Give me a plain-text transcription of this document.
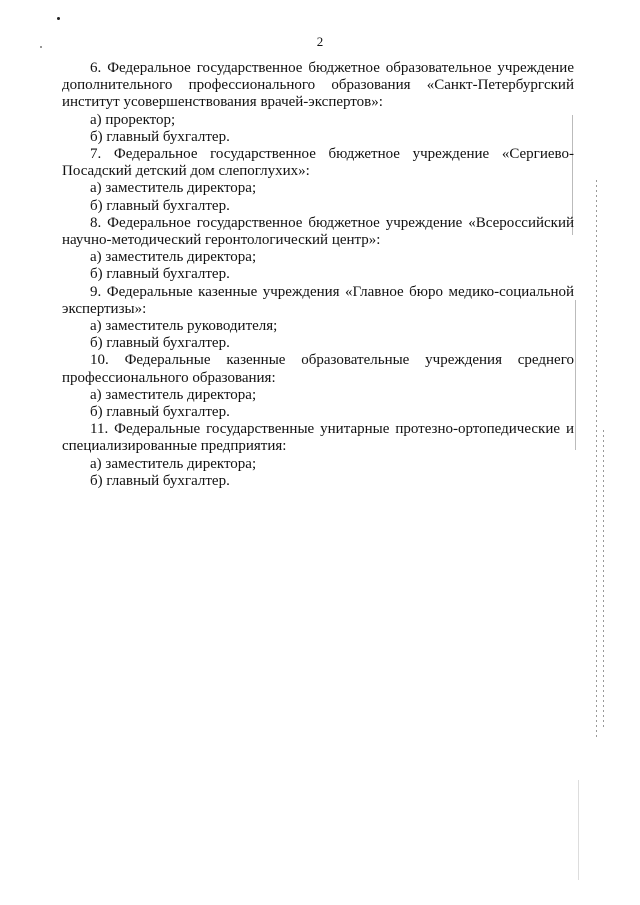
2

6. Федеральное государственное бюджетное образовательное учреждение дополнительного профессионального образования «Санкт-Петербургский институт усовершенствования врачей-экспертов»:

а) проректор;

б) главный бухгалтер.

7. Федеральное государственное бюджетное учреждение «Сергиево-Посадский детский дом слепоглухих»:

а) заместитель директора;

б) главный бухгалтер.

8. Федеральное государственное бюджетное учреждение «Всероссийский научно-методический геронтологический центр»:

а) заместитель директора;

б) главный бухгалтер.

9. Федеральные казенные учреждения «Главное бюро медико-социальной экспертизы»:

а) заместитель руководителя;

б) главный бухгалтер.

10. Федеральные казенные образовательные учреждения среднего профессионального образования:

а) заместитель директора;

б) главный бухгалтер.

11. Федеральные государственные унитарные протезно-ортопедические и специализированные предприятия:

а) заместитель директора;

б) главный бухгалтер.
